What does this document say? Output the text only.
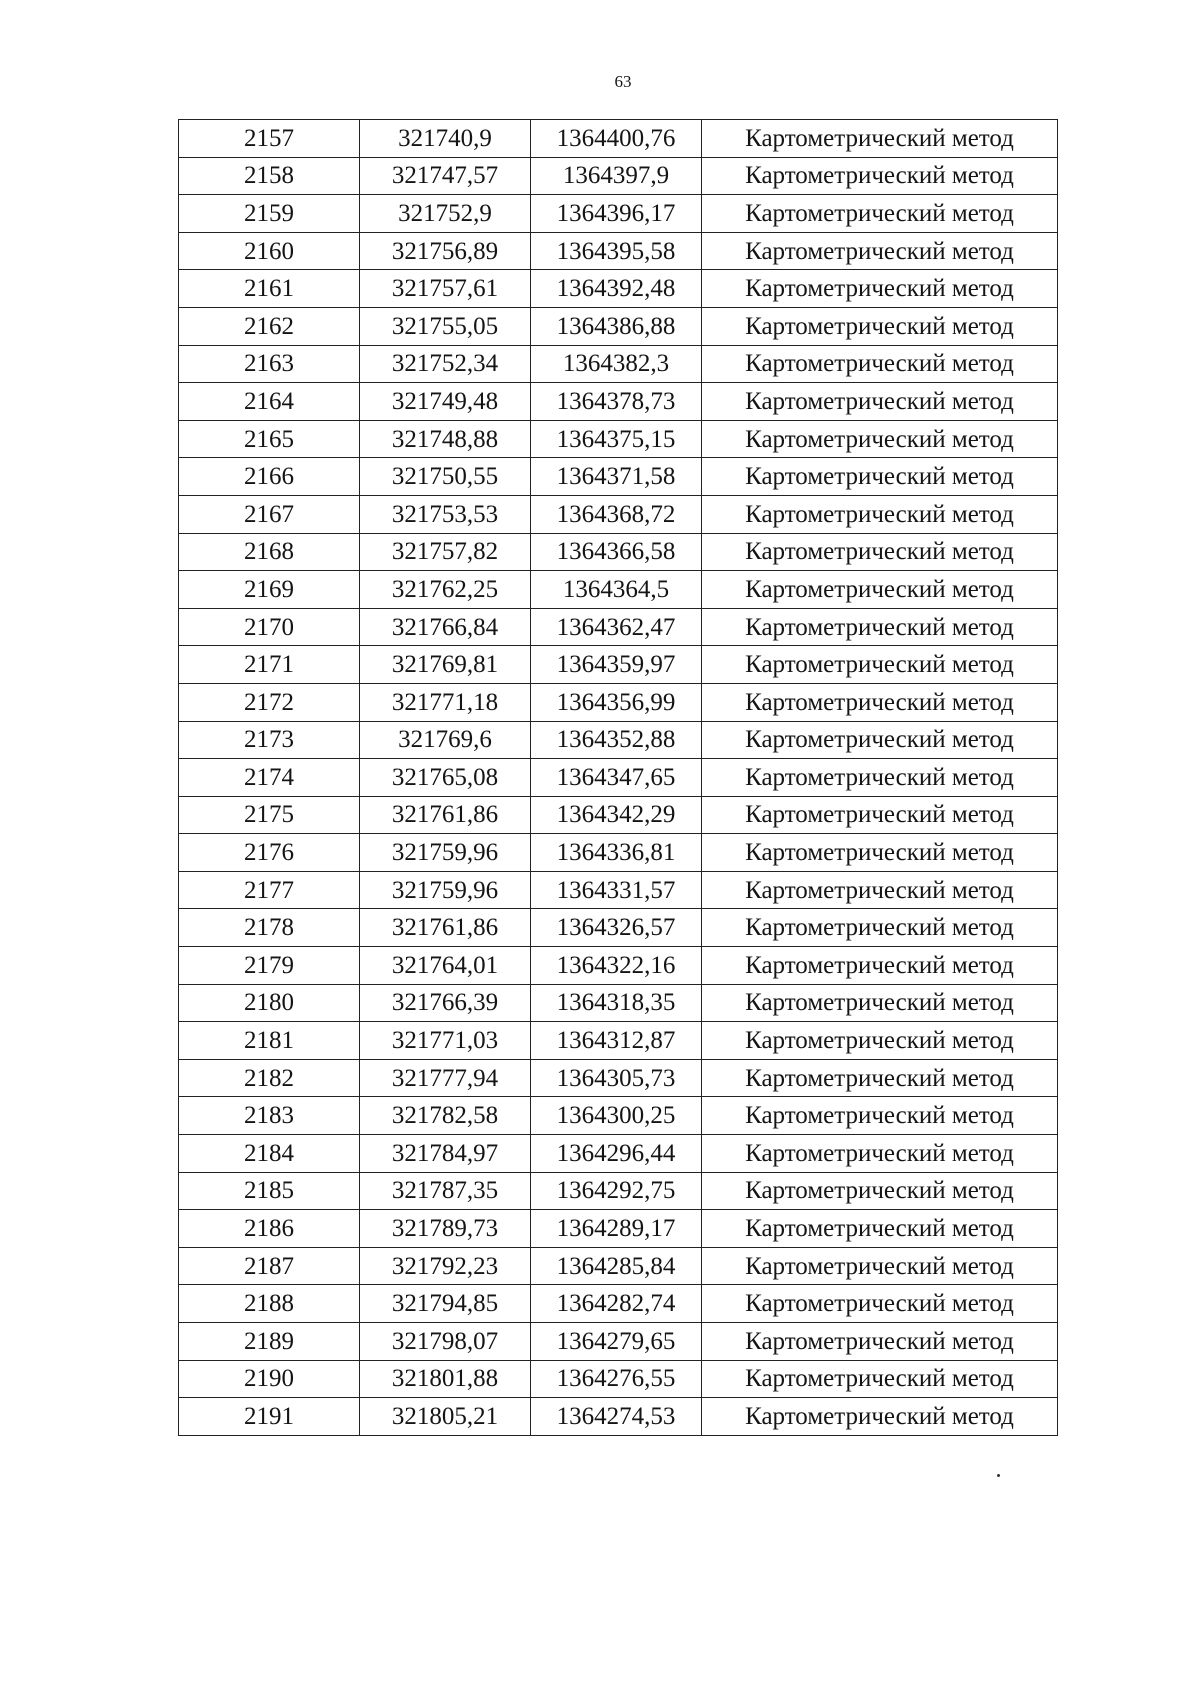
63
2157	321740,9	1364400,76	Картометрический метод
2158	321747,57	1364397,9	Картометрический метод
2159	321752,9	1364396,17	Картометрический метод
2160	321756,89	1364395,58	Картометрический метод
2161	321757,61	1364392,48	Картометрический метод
2162	321755,05	1364386,88	Картометрический метод
2163	321752,34	1364382,3	Картометрический метод
2164	321749,48	1364378,73	Картометрический метод
2165	321748,88	1364375,15	Картометрический метод
2166	321750,55	1364371,58	Картометрический метод
2167	321753,53	1364368,72	Картометрический метод
2168	321757,82	1364366,58	Картометрический метод
2169	321762,25	1364364,5	Картометрический метод
2170	321766,84	1364362,47	Картометрический метод
2171	321769,81	1364359,97	Картометрический метод
2172	321771,18	1364356,99	Картометрический метод
2173	321769,6	1364352,88	Картометрический метод
2174	321765,08	1364347,65	Картометрический метод
2175	321761,86	1364342,29	Картометрический метод
2176	321759,96	1364336,81	Картометрический метод
2177	321759,96	1364331,57	Картометрический метод
2178	321761,86	1364326,57	Картометрический метод
2179	321764,01	1364322,16	Картометрический метод
2180	321766,39	1364318,35	Картометрический метод
2181	321771,03	1364312,87	Картометрический метод
2182	321777,94	1364305,73	Картометрический метод
2183	321782,58	1364300,25	Картометрический метод
2184	321784,97	1364296,44	Картометрический метод
2185	321787,35	1364292,75	Картометрический метод
2186	321789,73	1364289,17	Картометрический метод
2187	321792,23	1364285,84	Картометрический метод
2188	321794,85	1364282,74	Картометрический метод
2189	321798,07	1364279,65	Картометрический метод
2190	321801,88	1364276,55	Картометрический метод
2191	321805,21	1364274,53	Картометрический метод
